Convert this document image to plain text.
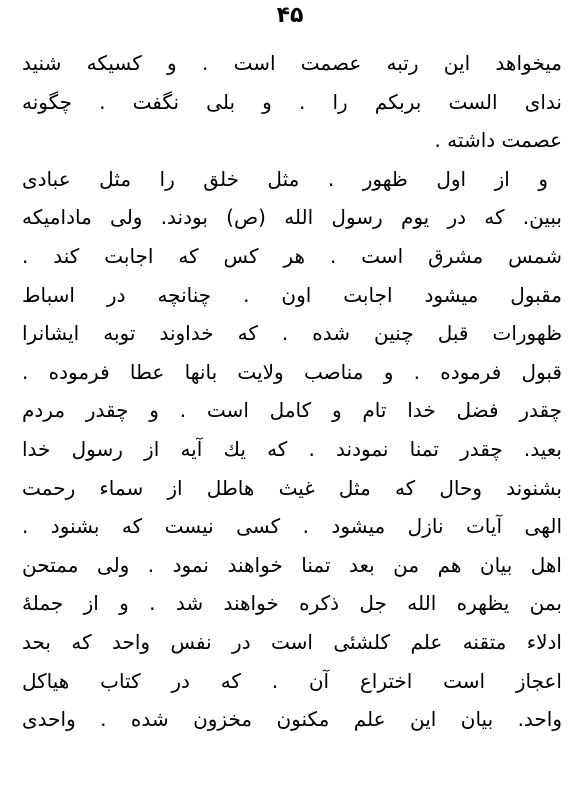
۴۵
میخواهد این رتبه عصمت است . و کسیکه شنید
ندای الست بربکم را . و بلی نگفت . چگونه
عصمت داشته .
و از اول ظهور . مثل خلق را مثل عبادی
ببین. که در یوم رسول الله (ص) بودند. ولی مادامیکه
شمس مشرق است . هر کس که اجابت کند .
مقبول میشود اجابت اون . چنانچه در اسباط
ظهورات قبل چنین شده . که خداوند توبه ایشانرا
قبول فرموده . و مناصب ولایت بانها عطا فرموده .
چقدر فضل خدا تام و کامل است . و چقدر مردم
بعید. چقدر تمنا نمودند . که یك آیه از رسول خدا
بشنوند وحال که مثل غیث هاطل از سماء رحمت
الهی آیات نازل میشود . کسی نیست که بشنود .
اهل بیان هم من بعد تمنا خواهند نمود . ولی ممتحن
بمن یظهره الله جل ذکره خواهند شد . و از جملهٔ
ادلاء متقنه علم کلشئی است در نفس واحد که بحد
اعجاز است اختراع آن . که در کتاب هیاکل
واحد. بیان این علم مکنون مخزون شده . واحدی
